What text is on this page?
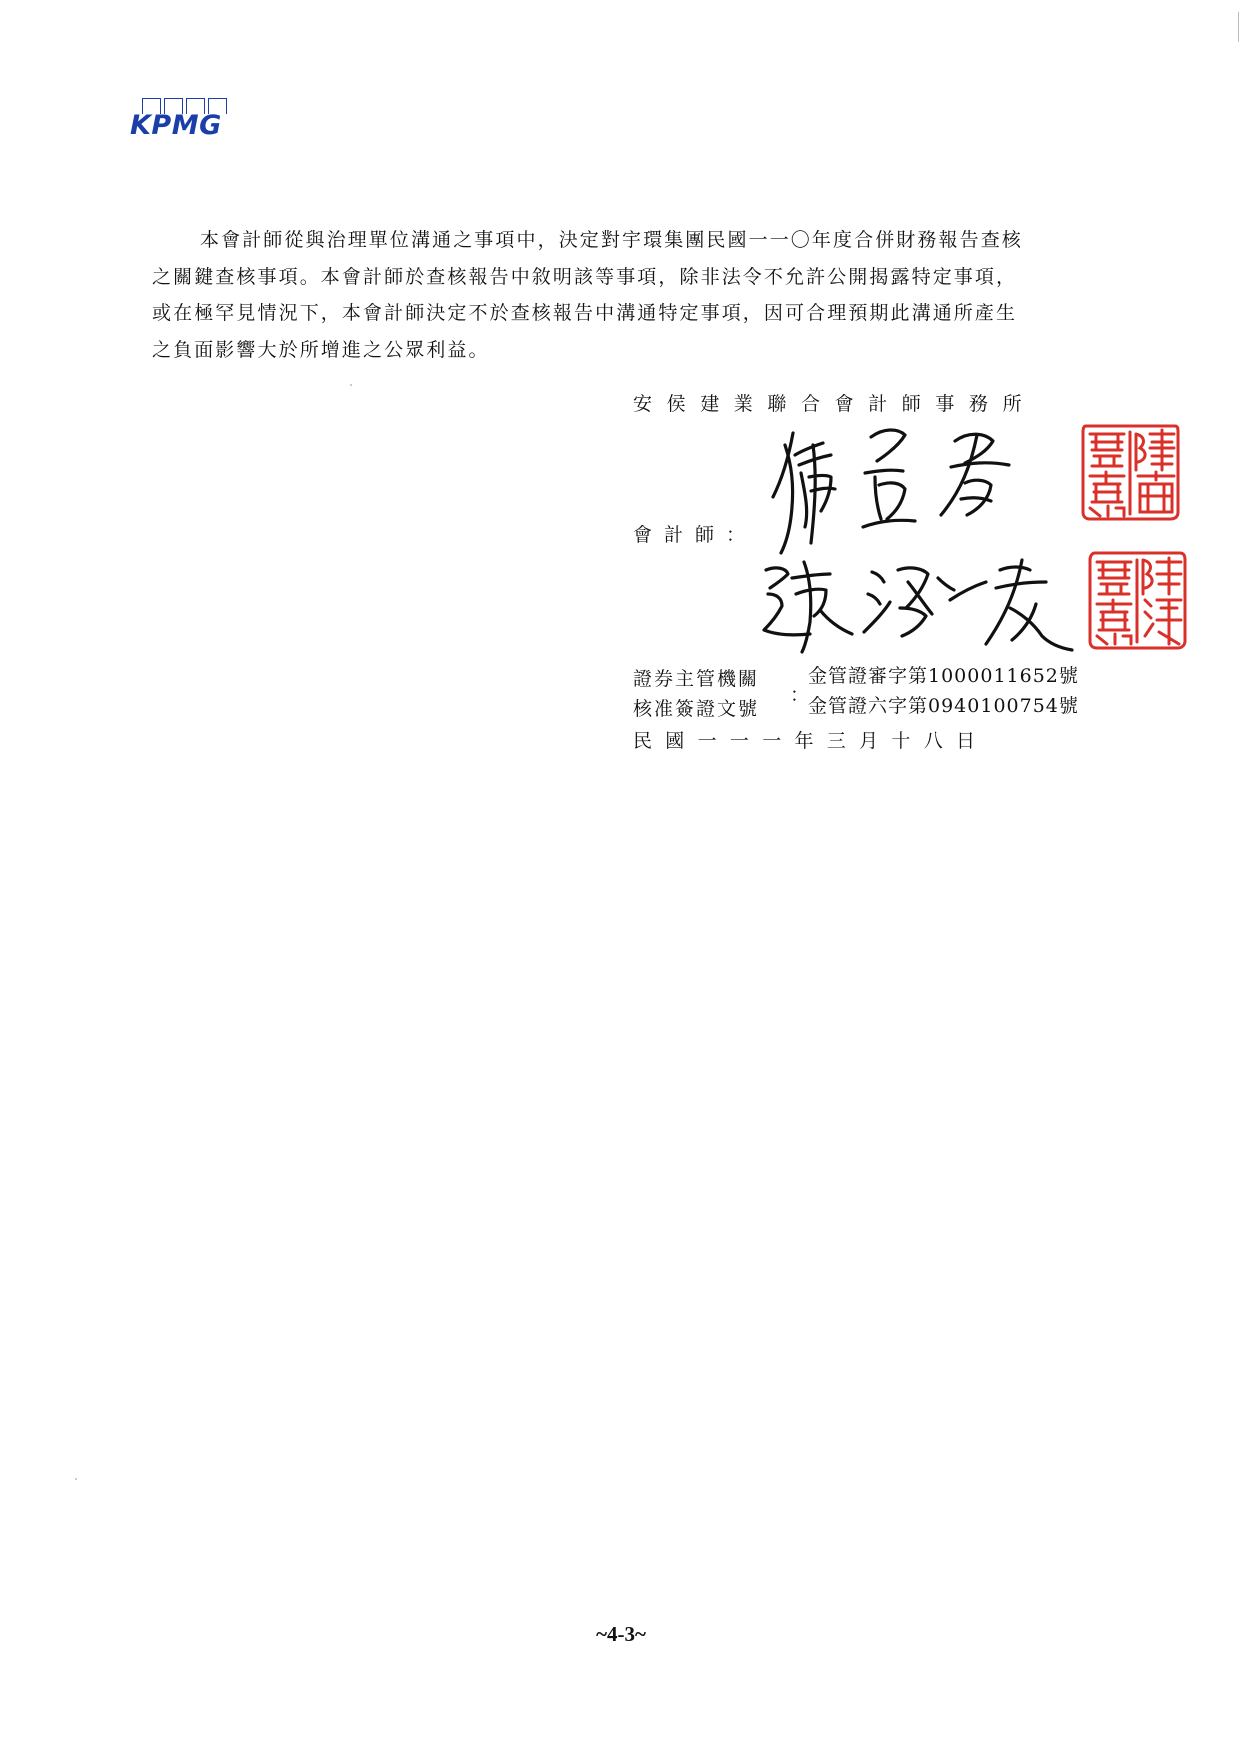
KPMG
本會計師從與治理單位溝通之事項中，決定對宇環集團民國一一〇年度合併財務報告查核
之關鍵查核事項。本會計師於查核報告中敘明該等事項，除非法令不允許公開揭露特定事項，
或在極罕見情況下，本會計師決定不於查核報告中溝通特定事項，因可合理預期此溝通所產生
之負面影響大於所增進之公眾利益。
安侯建業聯合會計師事務所
會計師：
證券主管機關
核准簽證文號
：
金管證審字第1000011652號
金管證六字第0940100754號
民國一一一年三月十八日
~4-3~
